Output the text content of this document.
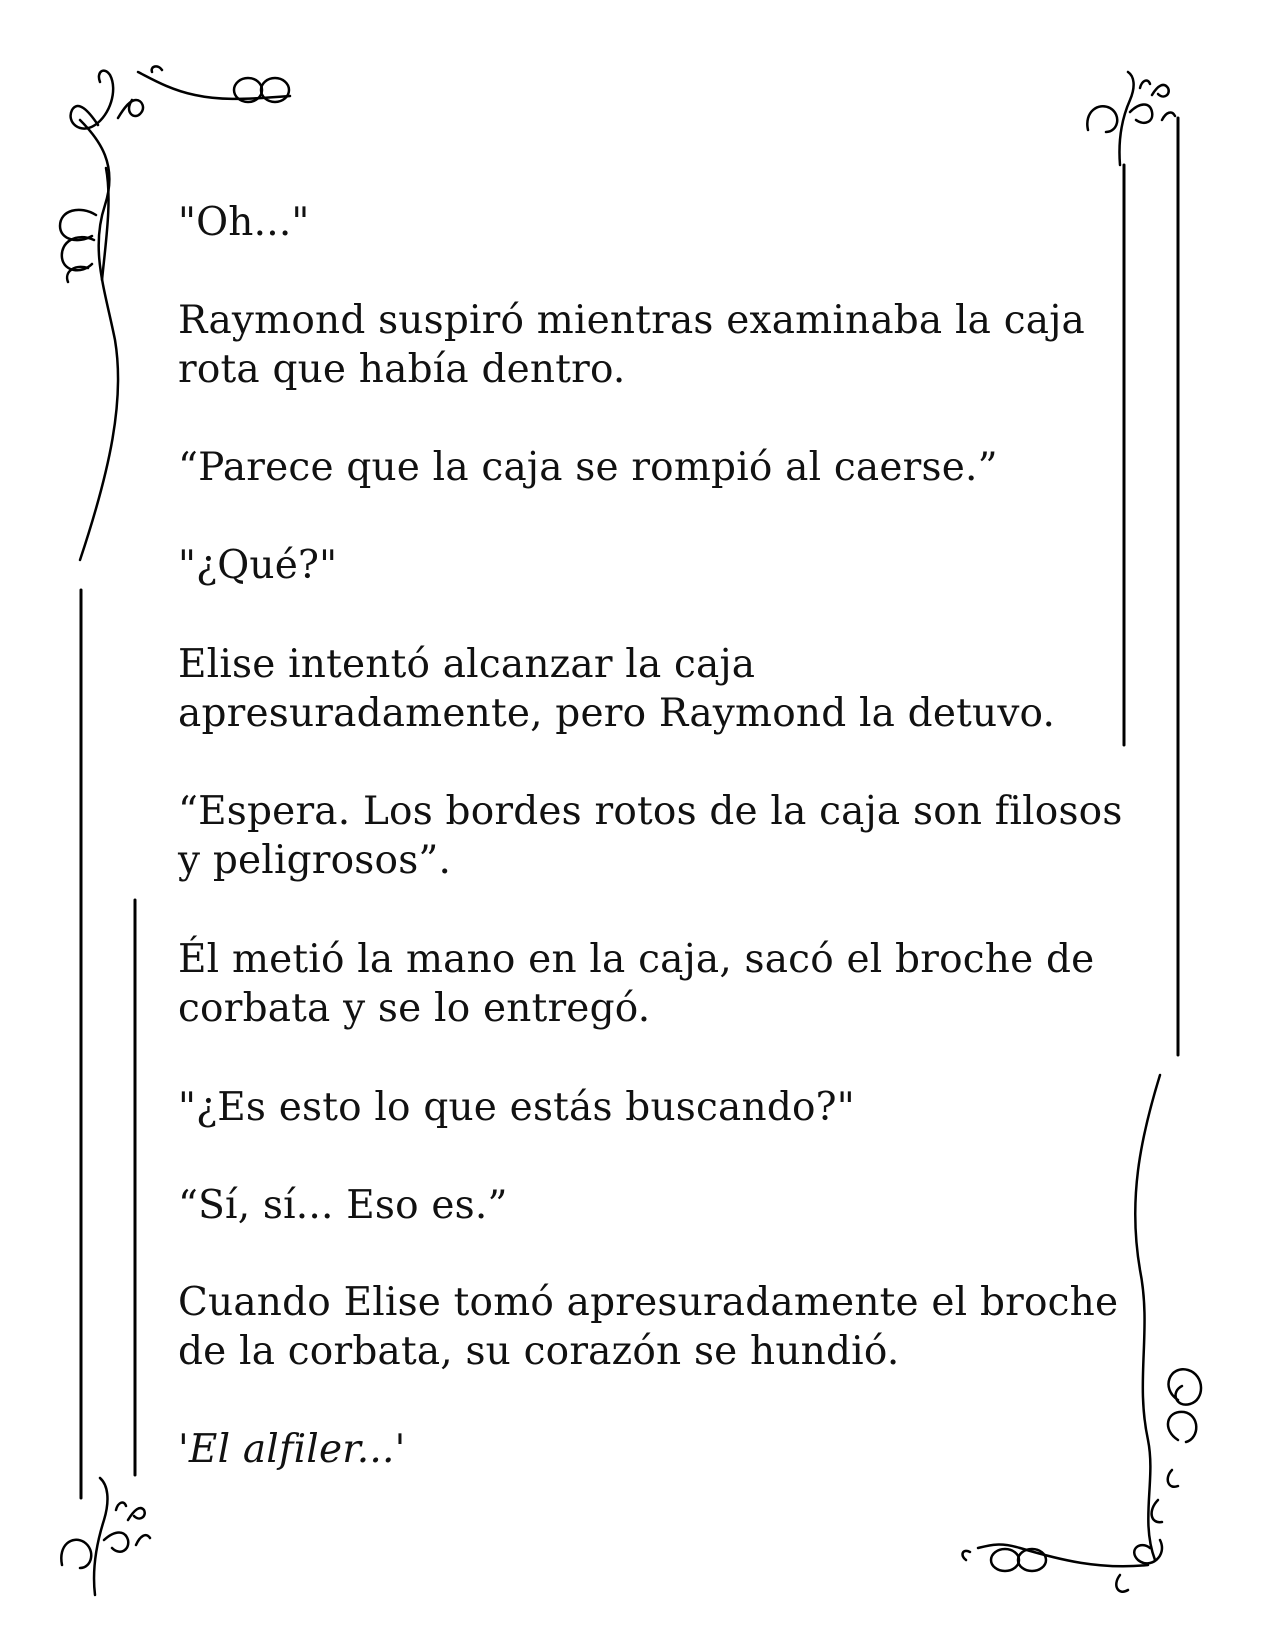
"Oh..."

Raymond suspiró mientras examinaba la caja
rota que había dentro.

“Parece que la caja se rompió al caerse.”

"¿Qué?"

Elise intentó alcanzar la caja
apresuradamente, pero Raymond la detuvo.

“Espera. Los bordes rotos de la caja son filosos
y peligrosos”.

Él metió la mano en la caja, sacó el broche de
corbata y se lo entregó.

"¿Es esto lo que estás buscando?"

“Sí, sí... Eso es.”

Cuando Elise tomó apresuradamente el broche
de la corbata, su corazón se hundió.

'El alfiler...'
